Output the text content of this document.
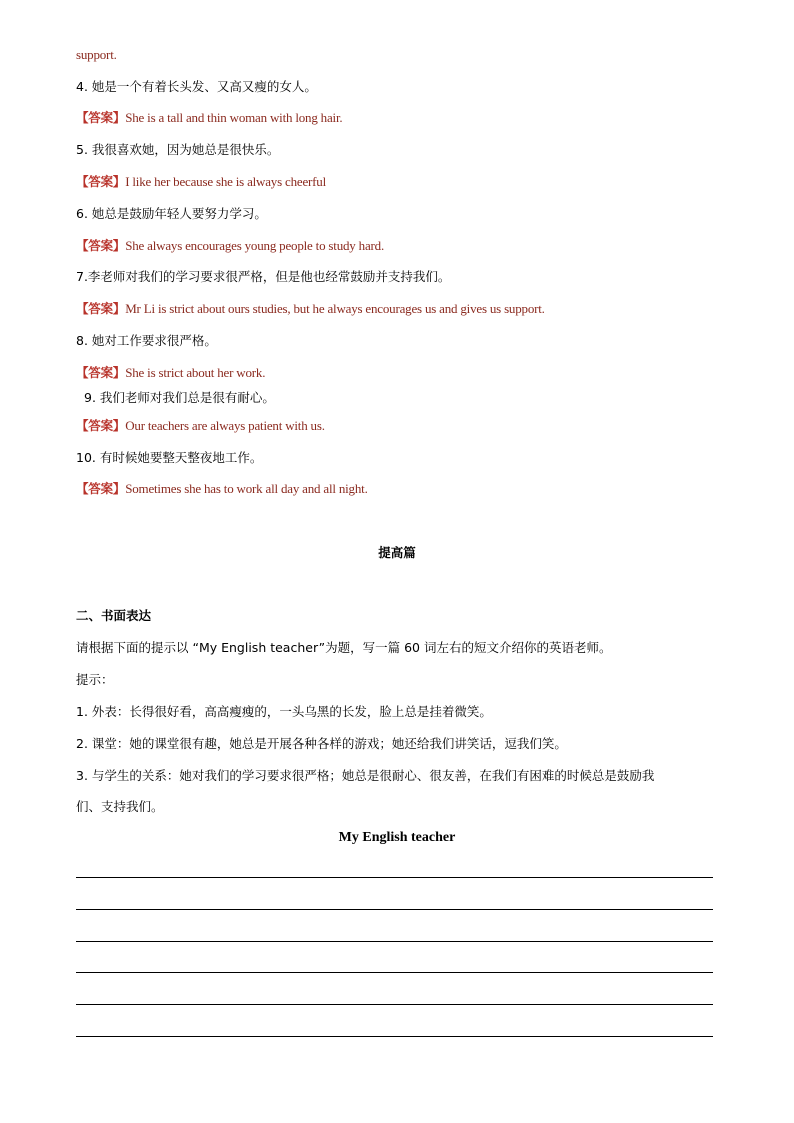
support.
4. 她是一个有着长头发、又高又瘦的女人。
【答案】She is a tall and thin woman with long hair.
5. 我很喜欢她，因为她总是很快乐。
【答案】I like her because she is always cheerful
6. 她总是鼓励年轻人要努力学习。
【答案】She always encourages young people to study hard.
7.李老师对我们的学习要求很严格，但是他也经常鼓励并支持我们。
【答案】Mr Li is strict about ours studies, but he always encourages us and gives us support.
8. 她对工作要求很严格。
【答案】She is strict about her work.
9. 我们老师对我们总是很有耐心。
【答案】Our teachers are always patient with us.
10. 有时候她要整天整夜地工作。
【答案】Sometimes she has to work all day and all night.
提高篇
二、书面表达
请根据下面的提示以 “My English teacher”为题，写一篇 60 词左右的短文介绍你的英语老师。
提示：
1. 外表：长得很好看，高高瘦瘦的，一头乌黑的长发，脸上总是挂着微笑。
2. 课堂：她的课堂很有趣，她总是开展各种各样的游戏；她还给我们讲笑话，逗我们笑。
3. 与学生的关系：她对我们的学习要求很严格；她总是很耐心、很友善，在我们有困难的时候总是鼓励我
们、支持我们。
My English teacher
